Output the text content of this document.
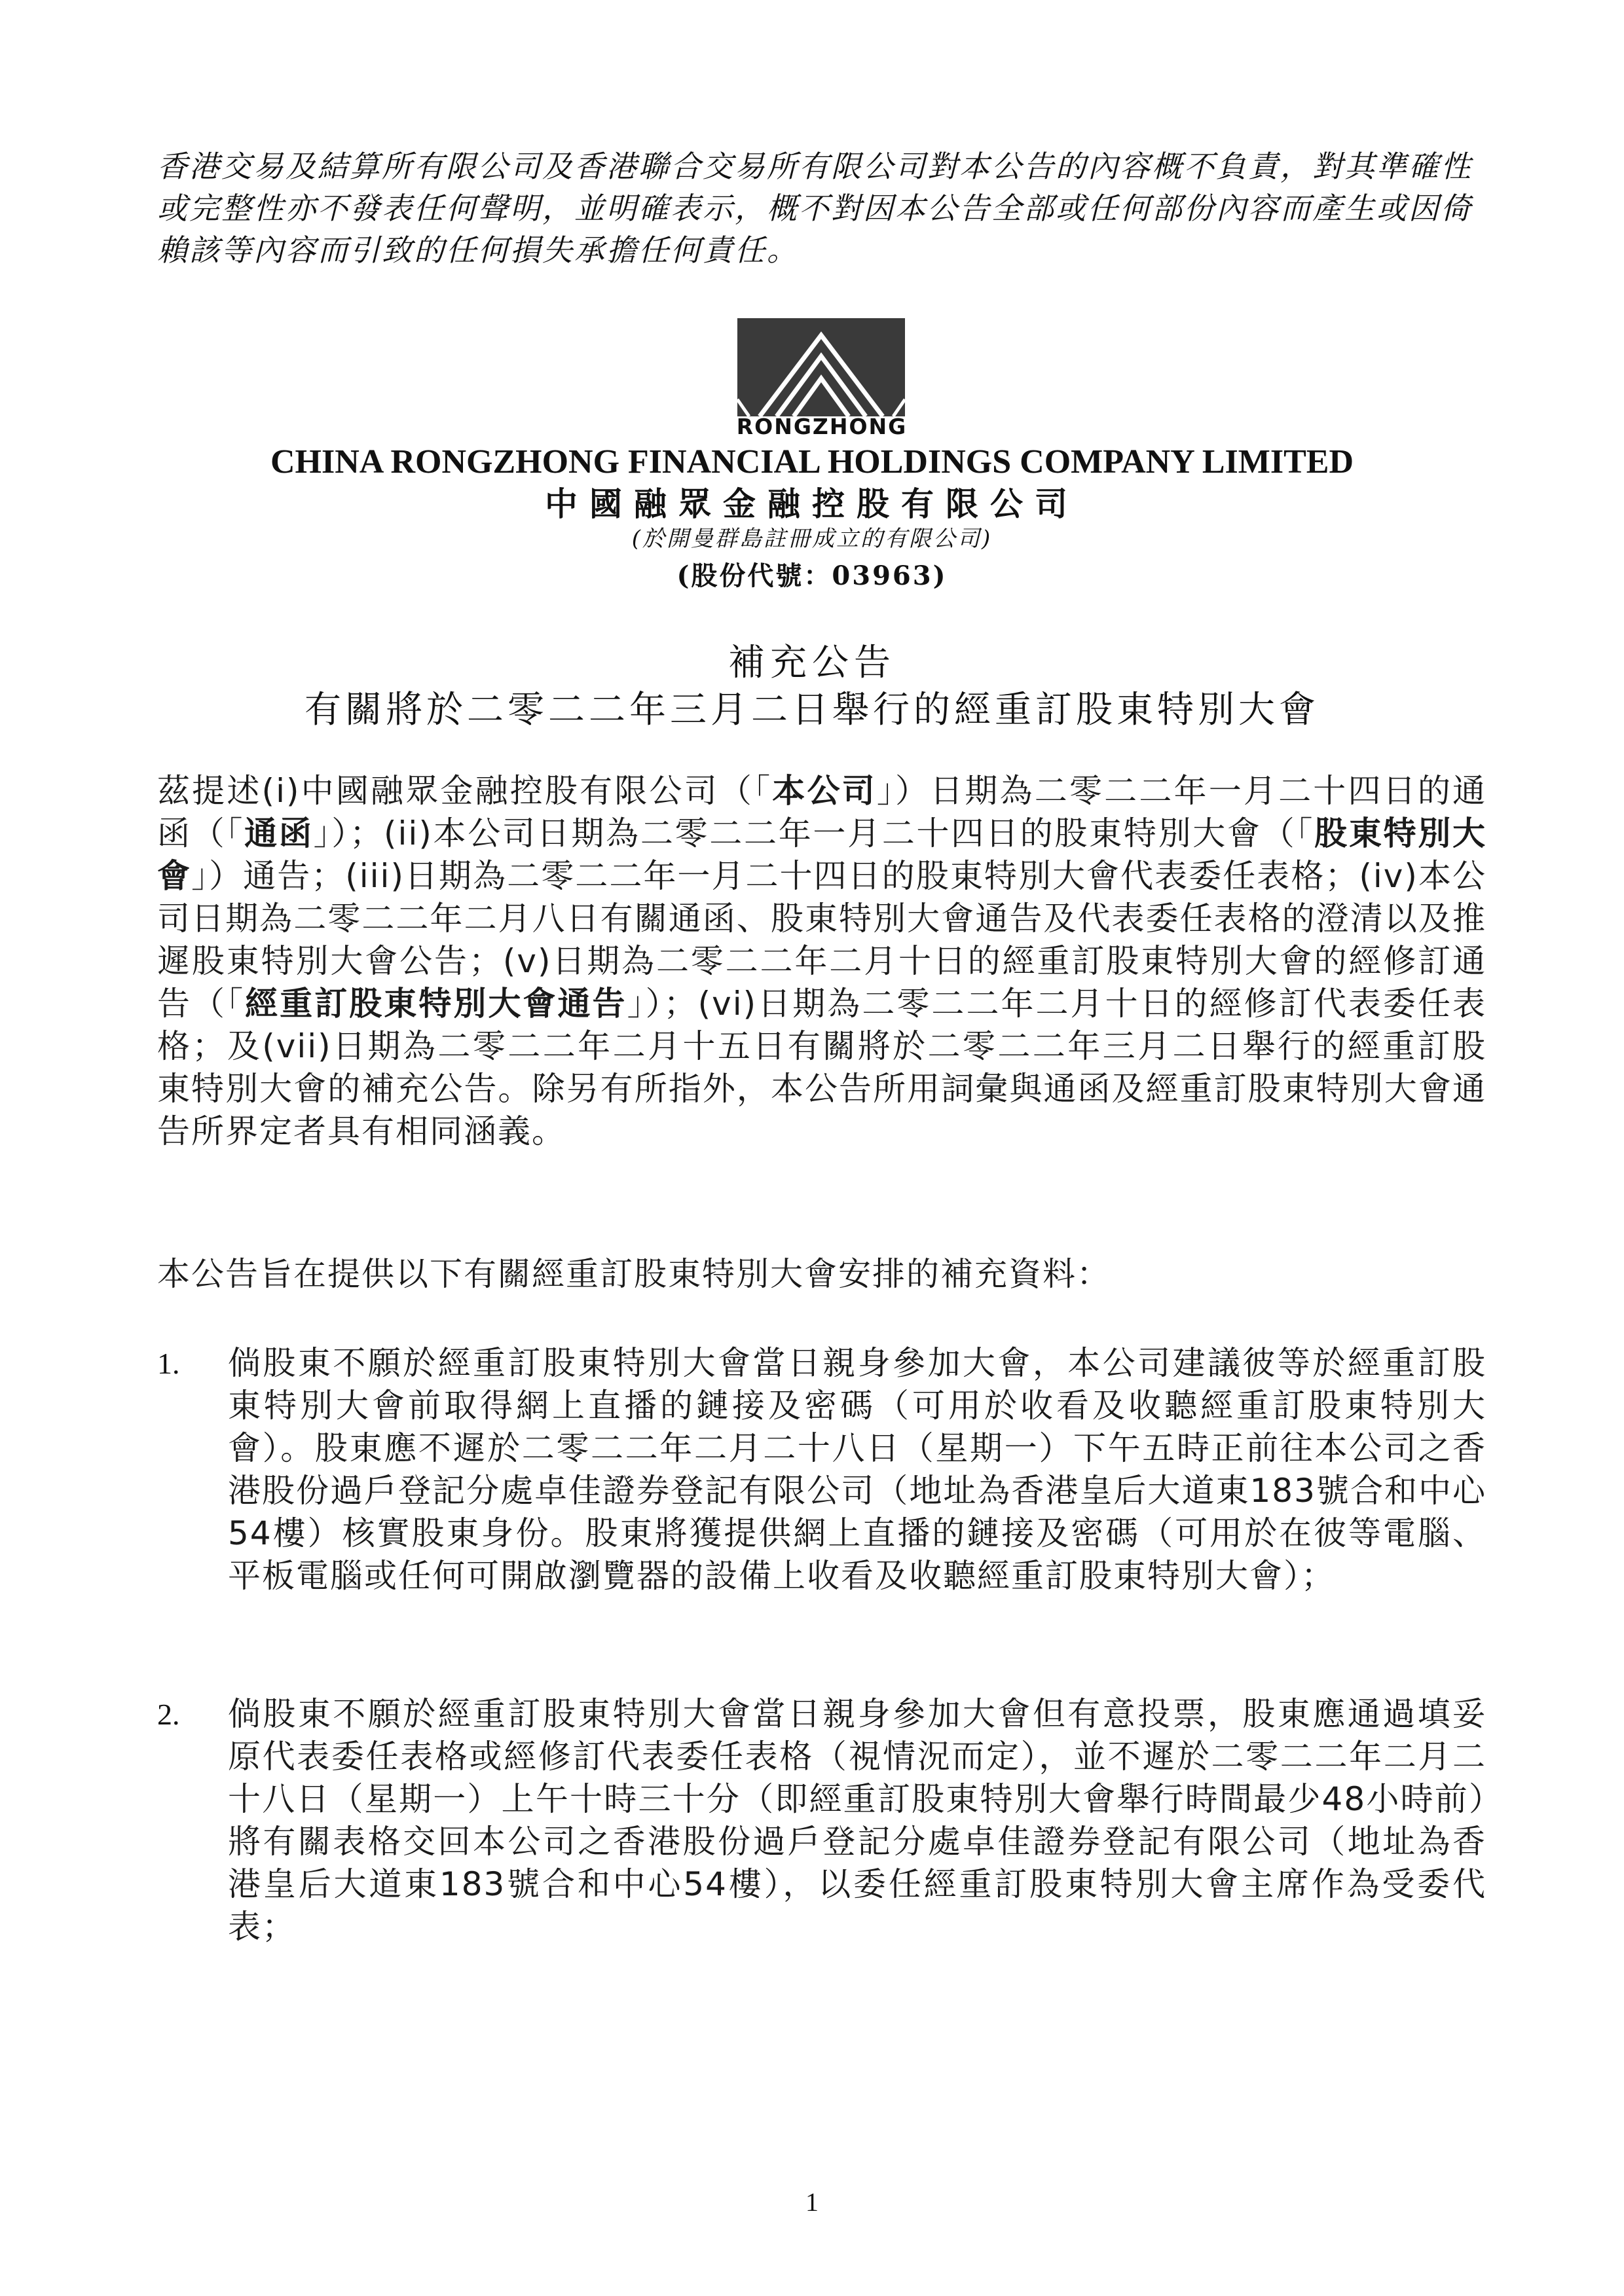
香港交易及結算所有限公司及香港聯合交易所有限公司對本公告的內容概不負責，對其準確性或完整性亦不發表任何聲明，並明確表示，概不對因本公告全部或任何部份內容而產生或因倚賴該等內容而引致的任何損失承擔任何責任。
RONGZHONG
CHINA RONGZHONG FINANCIAL HOLDINGS COMPANY LIMITED
中國融眾金融控股有限公司
(於開曼群島註冊成立的有限公司)
(股份代號：03963)
補充公告
有關將於二零二二年三月二日舉行的經重訂股東特別大會
茲提述(i)中國融眾金融控股有限公司（「本公司」）日期為二零二二年一月二十四日的通函（「通函」）；(ii)本公司日期為二零二二年一月二十四日的股東特別大會（「股東特別大會」）通告；(iii)日期為二零二二年一月二十四日的股東特別大會代表委任表格；(iv)本公司日期為二零二二年二月八日有關通函、股東特別大會通告及代表委任表格的澄清以及推遲股東特別大會公告；(v)日期為二零二二年二月十日的經重訂股東特別大會的經修訂通告（「經重訂股東特別大會通告」）；(vi)日期為二零二二年二月十日的經修訂代表委任表格；及(vii)日期為二零二二年二月十五日有關將於二零二二年三月二日舉行的經重訂股東特別大會的補充公告。除另有所指外，本公告所用詞彙與通函及經重訂股東特別大會通告所界定者具有相同涵義。
本公告旨在提供以下有關經重訂股東特別大會安排的補充資料：
1.	倘股東不願於經重訂股東特別大會當日親身參加大會，本公司建議彼等於經重訂股東特別大會前取得網上直播的鏈接及密碼（可用於收看及收聽經重訂股東特別大會）。股東應不遲於二零二二年二月二十八日（星期一）下午五時正前往本公司之香港股份過戶登記分處卓佳證券登記有限公司（地址為香港皇后大道東183號合和中心54樓）核實股東身份。股東將獲提供網上直播的鏈接及密碼（可用於在彼等電腦、平板電腦或任何可開啟瀏覽器的設備上收看及收聽經重訂股東特別大會）；
2.	倘股東不願於經重訂股東特別大會當日親身參加大會但有意投票，股東應通過填妥原代表委任表格或經修訂代表委任表格（視情況而定），並不遲於二零二二年二月二十八日（星期一）上午十時三十分（即經重訂股東特別大會舉行時間最少48小時前）將有關表格交回本公司之香港股份過戶登記分處卓佳證券登記有限公司（地址為香港皇后大道東183號合和中心54樓），以委任經重訂股東特別大會主席作為受委代表；
1
